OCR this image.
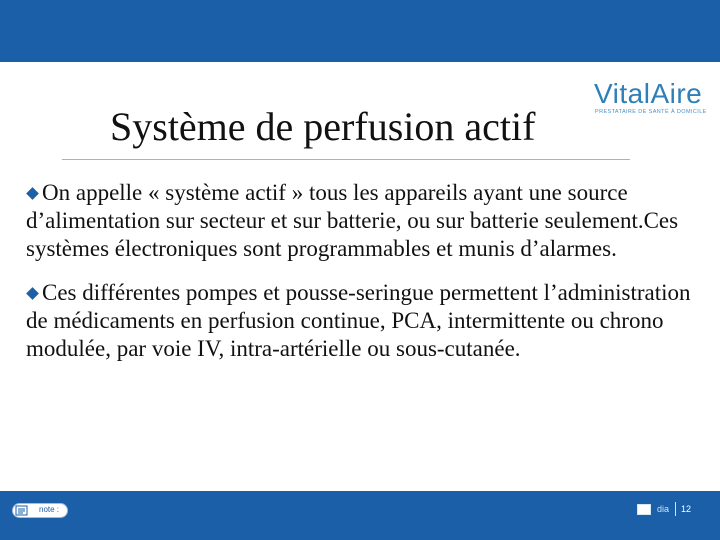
VitalAire
PRESTATAIRE DE SANTÉ À DOMICILE
Système de perfusion actif

On appelle « système actif » tous les appareils ayant une source d’alimentation sur secteur et sur batterie, ou sur batterie seulement.Ces systèmes électroniques sont programmables et munis d’alarmes.

Ces différentes pompes et pousse-seringue permettent l’administration de médicaments en perfusion continue, PCA, intermittente ou chrono modulée, par voie IV, intra-artérielle ou sous-cutanée.

note :	dia 12
